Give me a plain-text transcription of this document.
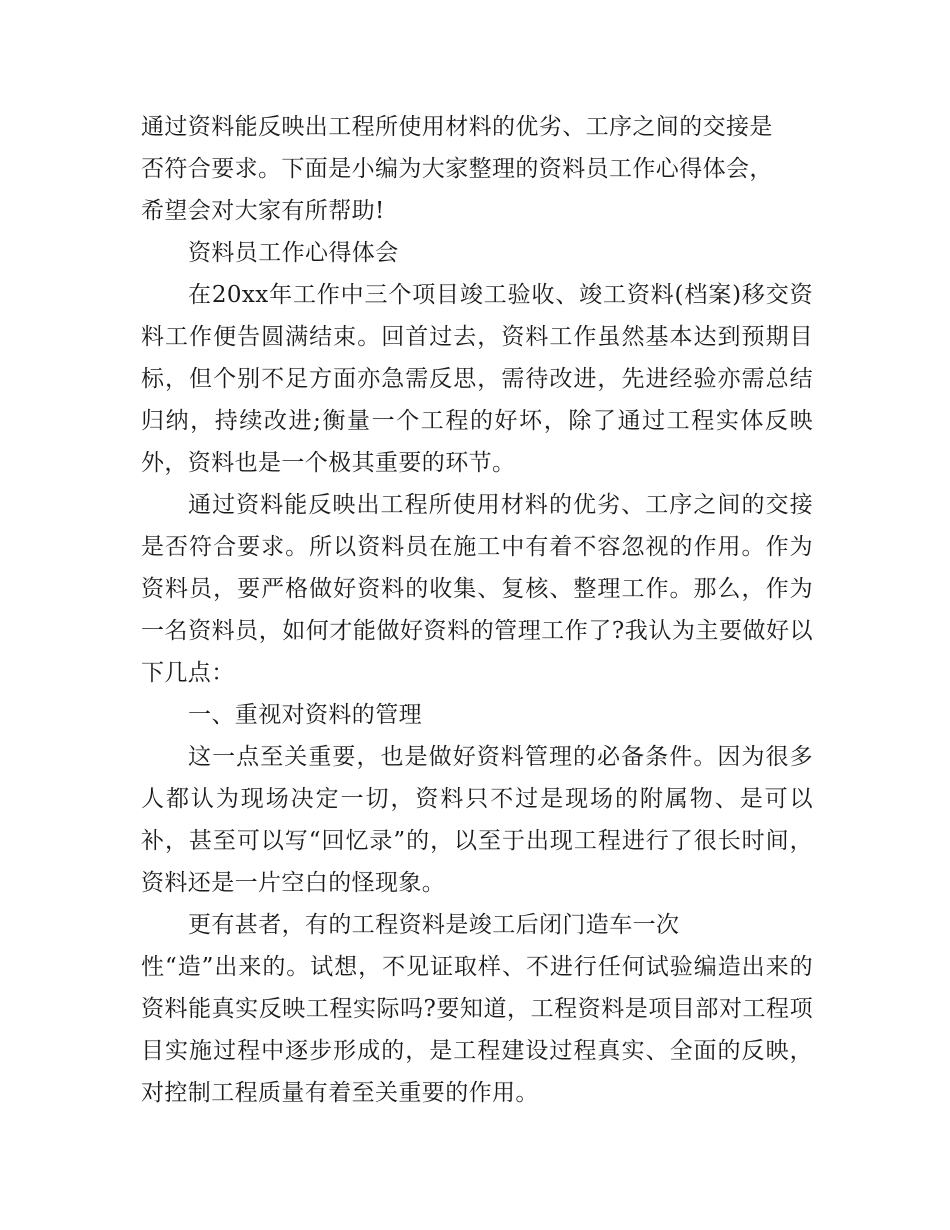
通过资料能反映出工程所使用材料的优劣、工序之间的交接是
否符合要求。下面是小编为大家整理的资料员工作心得体会，
希望会对大家有所帮助!

资料员工作心得体会

在20xx年工作中三个项目竣工验收、竣工资料(档案)移交资料工作便告圆满结束。回首过去，资料工作虽然基本达到预期目标，但个别不足方面亦急需反思，需待改进，先进经验亦需总结归纳，持续改进;衡量一个工程的好坏，除了通过工程实体反映外，资料也是一个极其重要的环节。

通过资料能反映出工程所使用材料的优劣、工序之间的交接是否符合要求。所以资料员在施工中有着不容忽视的作用。作为资料员，要严格做好资料的收集、复核、整理工作。那么，作为一名资料员，如何才能做好资料的管理工作了?我认为主要做好以下几点：

一、重视对资料的管理

这一点至关重要，也是做好资料管理的必备条件。因为很多人都认为现场决定一切，资料只不过是现场的附属物、是可以补，甚至可以写“回忆录”的，以至于出现工程进行了很长时间，资料还是一片空白的怪现象。

更有甚者，有的工程资料是竣工后闭门造车一次
性“造”出来的。试想，不见证取样、不进行任何试验编造出来的资料能真实反映工程实际吗?要知道，工程资料是项目部对工程项目实施过程中逐步形成的，是工程建设过程真实、全面的反映，对控制工程质量有着至关重要的作用。
